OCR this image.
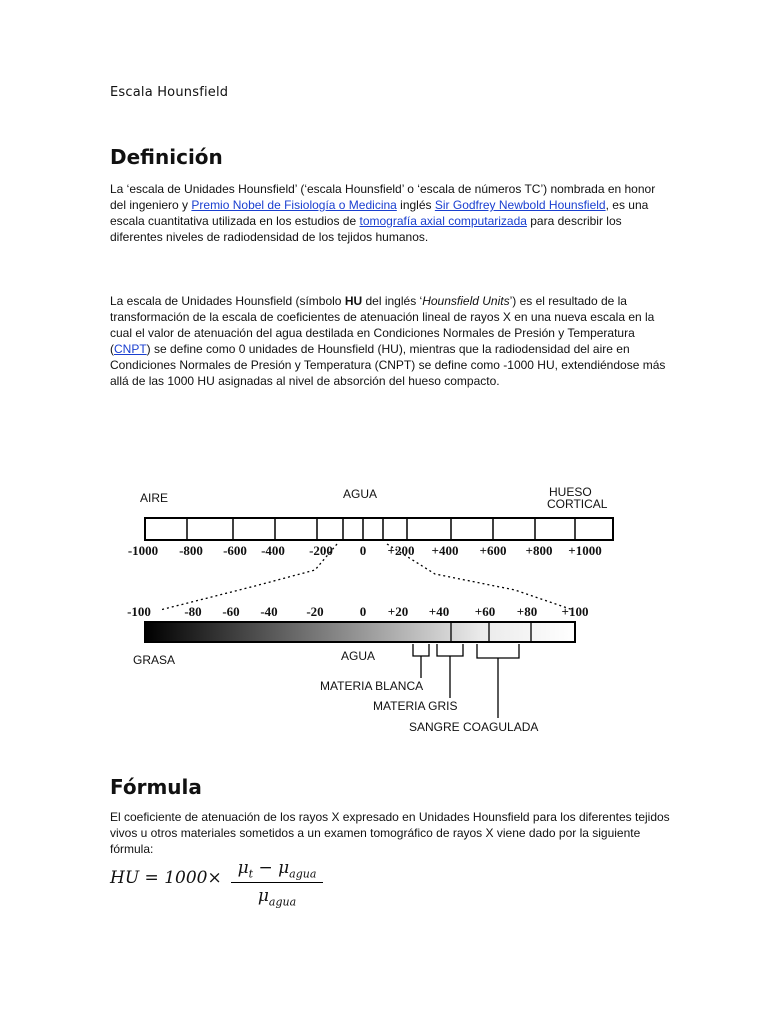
Escala Hounsfield
Definición

La ‘escala de Unidades Hounsfield’ (‘escala Hounsfield’ o ‘escala de números TC’) nombrada en honor del ingeniero y Premio Nobel de Fisiología o Medicina inglés Sir Godfrey Newbold Hounsfield, es una escala cuantitativa utilizada en los estudios de tomografía axial computarizada para describir los diferentes niveles de radiodensidad de los tejidos humanos.

La escala de Unidades Hounsfield (símbolo HU del inglés ‘Hounsfield Units’) es el resultado de la transformación de la escala de coeficientes de atenuación lineal de rayos X en una nueva escala en la cual el valor de atenuación del agua destilada en Condiciones Normales de Presión y Temperatura (CNPT) se define como 0 unidades de Hounsfield (HU), mientras que la radiodensidad del aire en Condiciones Normales de Presión y Temperatura (CNPT) se define como -1000 HU, extendiéndose más allá de las 1000 HU asignadas al nivel de absorción del hueso compacto.

Fórmula

El coeficiente de atenuación de los rayos X expresado en Unidades Hounsfield para los diferentes tejidos vivos u otros materiales sometidos a un examen tomográfico de rayos X viene dado por la siguiente fórmula:

HU = $1000\times \mu_t - \mu_{agua}$
$\mu_{agua}$
AIRE	AGUA	HUESO
CORTICAL
-1000 -800 -600 -400 -200 0 +200 +400 +600 +800 +1000
-100	-80 -60 -40 -20	0 +20 +40 +60 +80 +100
GRASA	AGUA
MATERIA BLANCA
MATERIA GRIS
SANGRE COAGULADA
